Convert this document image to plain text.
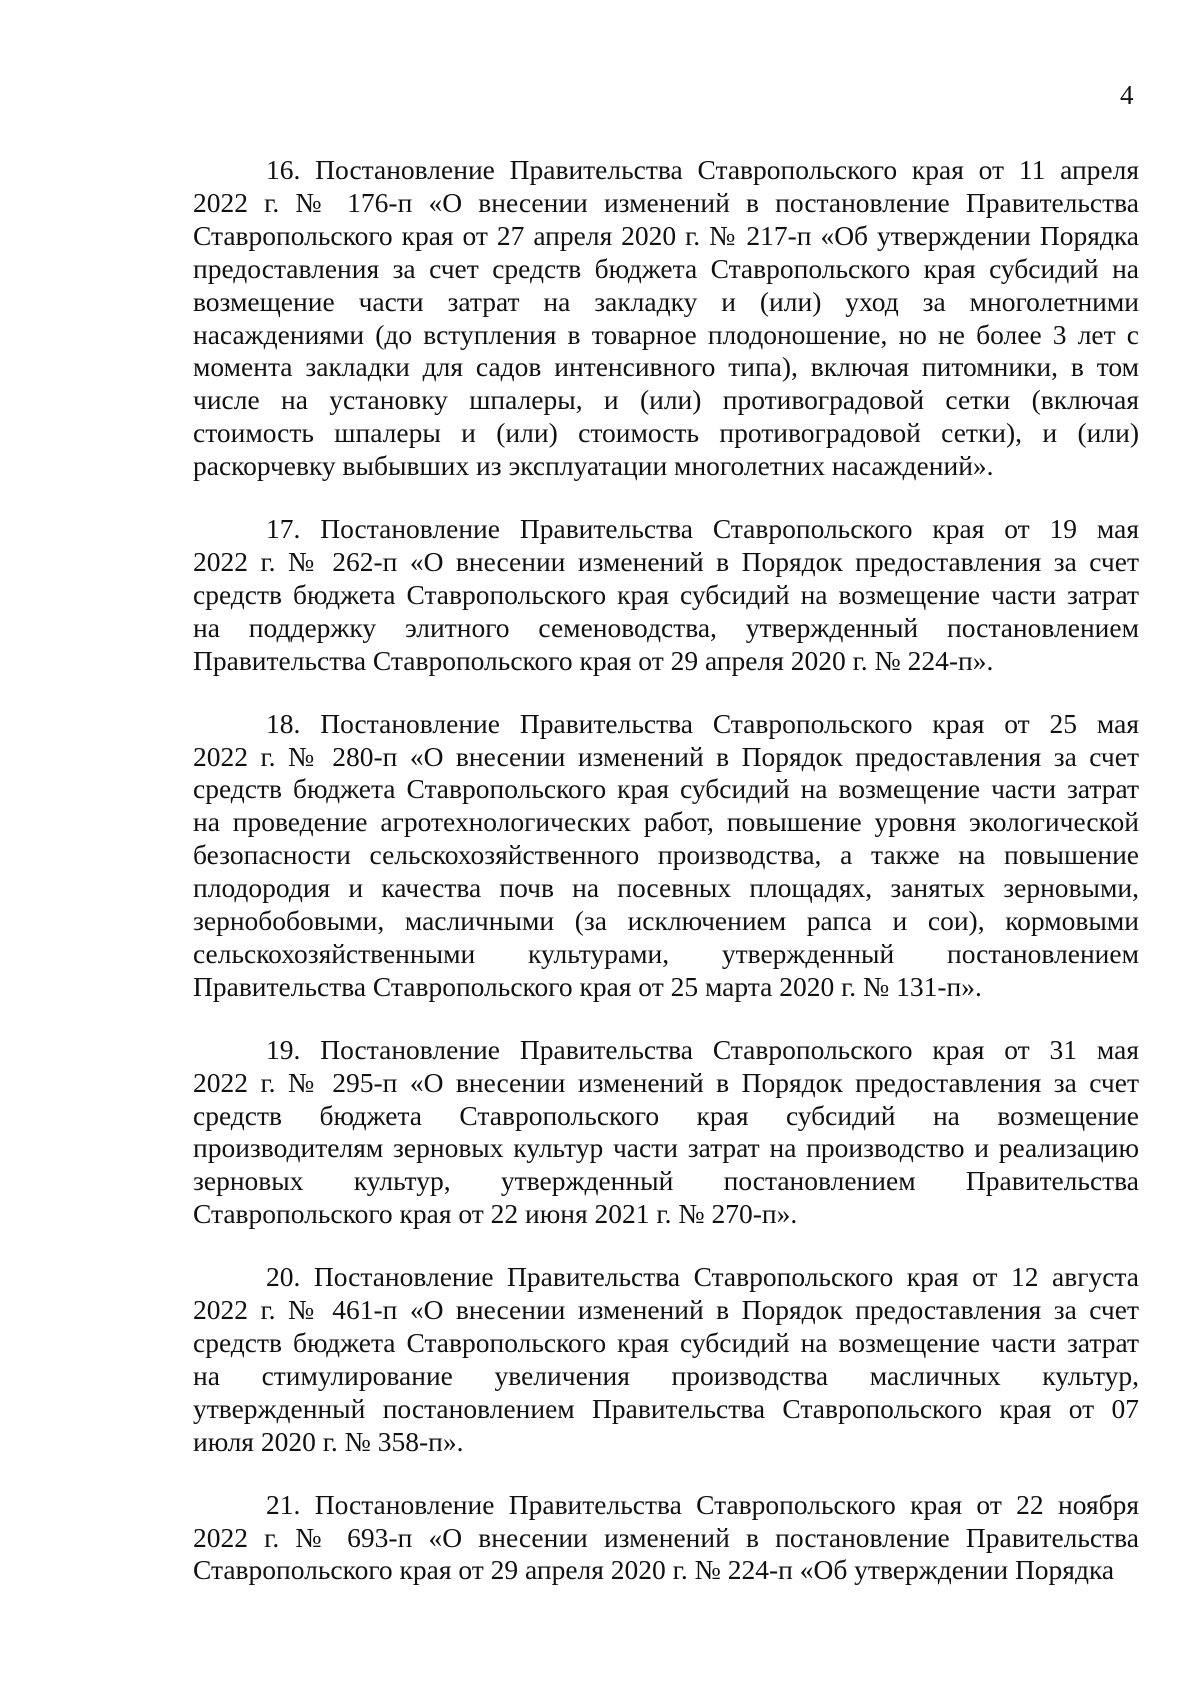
4

16. Постановление Правительства Ставропольского края от 11 апреля
2022 г. № 176-п «О внесении изменений в постановление Правительства Ставропольского края от 27 апреля 2020 г. № 217-п «Об утверждении Порядка предоставления за счет средств бюджета Ставропольского края субсидий на возмещение части затрат на закладку и (или) уход за многолетними насаждениями (до вступления в товарное плодоношение, но не более 3 лет с момента закладки для садов интенсивного типа), включая питомники, в том числе на установку шпалеры, и (или) противоградовой сетки (включая стоимость шпалеры и (или) стоимость противоградовой сетки), и (или) раскорчевку выбывших из эксплуатации многолетних насаждений».

17. Постановление Правительства Ставропольского края от 19 мая
2022 г. № 262-п «О внесении изменений в Порядок предоставления за счет средств бюджета Ставропольского края субсидий на возмещение части затрат на поддержку элитного семеноводства, утвержденный постановлением Правительства Ставропольского края от 29 апреля 2020 г. № 224-п».

18. Постановление Правительства Ставропольского края от 25 мая
2022 г. № 280-п «О внесении изменений в Порядок предоставления за счет средств бюджета Ставропольского края субсидий на возмещение части затрат на проведение агротехнологических работ, повышение уровня экологической безопасности сельскохозяйственного производства, а также на повышение плодородия и качества почв на посевных площадях, занятых зерновыми, зернобобовыми, масличными (за исключением рапса и сои), кормовыми сельскохозяйственными культурами, утвержденный постановлением Правительства Ставропольского края от 25 марта 2020 г. № 131-п».

19. Постановление Правительства Ставропольского края от 31 мая
2022 г. № 295-п «О внесении изменений в Порядок предоставления за счет средств бюджета Ставропольского края субсидий на возмещение производителям зерновых культур части затрат на производство и реализацию зерновых культур, утвержденный постановлением Правительства Ставропольского края от 22 июня 2021 г. № 270-п».

20. Постановление Правительства Ставропольского края от 12 августа
2022 г. № 461-п «О внесении изменений в Порядок предоставления за счет средств бюджета Ставропольского края субсидий на возмещение части затрат на стимулирование увеличения производства масличных культур, утвержденный постановлением Правительства Ставропольского края от 07 июля 2020 г. № 358-п».

21. Постановление Правительства Ставропольского края от 22 ноября
2022 г. № 693-п «О внесении изменений в постановление Правительства Ставропольского края от 29 апреля 2020 г. № 224-п «Об утверждении Порядка
